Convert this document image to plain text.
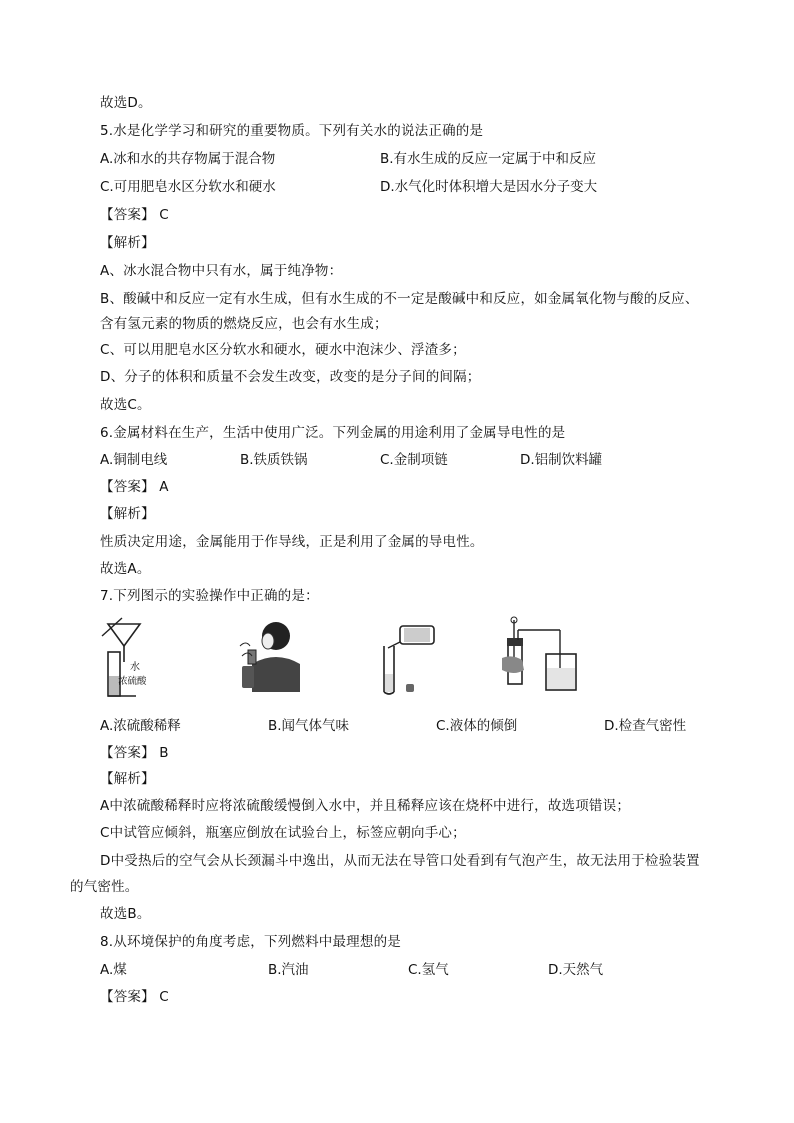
故选D。
5.水是化学学习和研究的重要物质。下列有关水的说法正确的是
A.冰和水的共存物属于混合物	B.有水生成的反应一定属于中和反应
C.可用肥皂水区分软水和硬水	D.水气化时体积增大是因水分子变大
【答案】 C
【解析】
A、冰水混合物中只有水，属于纯净物：
B、酸碱中和反应一定有水生成，但有水生成的不一定是酸碱中和反应，如金属氧化物与酸的反应、
含有氢元素的物质的燃烧反应，也会有水生成；
C、可以用肥皂水区分软水和硬水，硬水中泡沫少、浮渣多；
D、分子的体积和质量不会发生改变，改变的是分子间的间隔；
故选C。
6.金属材料在生产，生活中使用广泛。下列金属的用途利用了金属导电性的是
A.铜制电线	B.铁质铁锅	C.金制项链	D.铝制饮料罐
【答案】 A
【解析】
性质决定用途，金属能用于作导线，正是利用了金属的导电性。
故选A。
7.下列图示的实验操作中正确的是：
水
浓硫酸
A.浓硫酸稀释	B.闻气体气味	C.液体的倾倒	D.检查气密性
【答案】 B
【解析】
A中浓硫酸稀释时应将浓硫酸缓慢倒入水中，并且稀释应该在烧杯中进行，故选项错误；
C中试管应倾斜，瓶塞应倒放在试验台上，标签应朝向手心；
D中受热后的空气会从长颈漏斗中逸出，从而无法在导管口处看到有气泡产生，故无法用于检验装置
的气密性。
故选B。
8.从环境保护的角度考虑，下列燃料中最理想的是
A.煤	B.汽油	C.氢气	D.天然气
【答案】 C
